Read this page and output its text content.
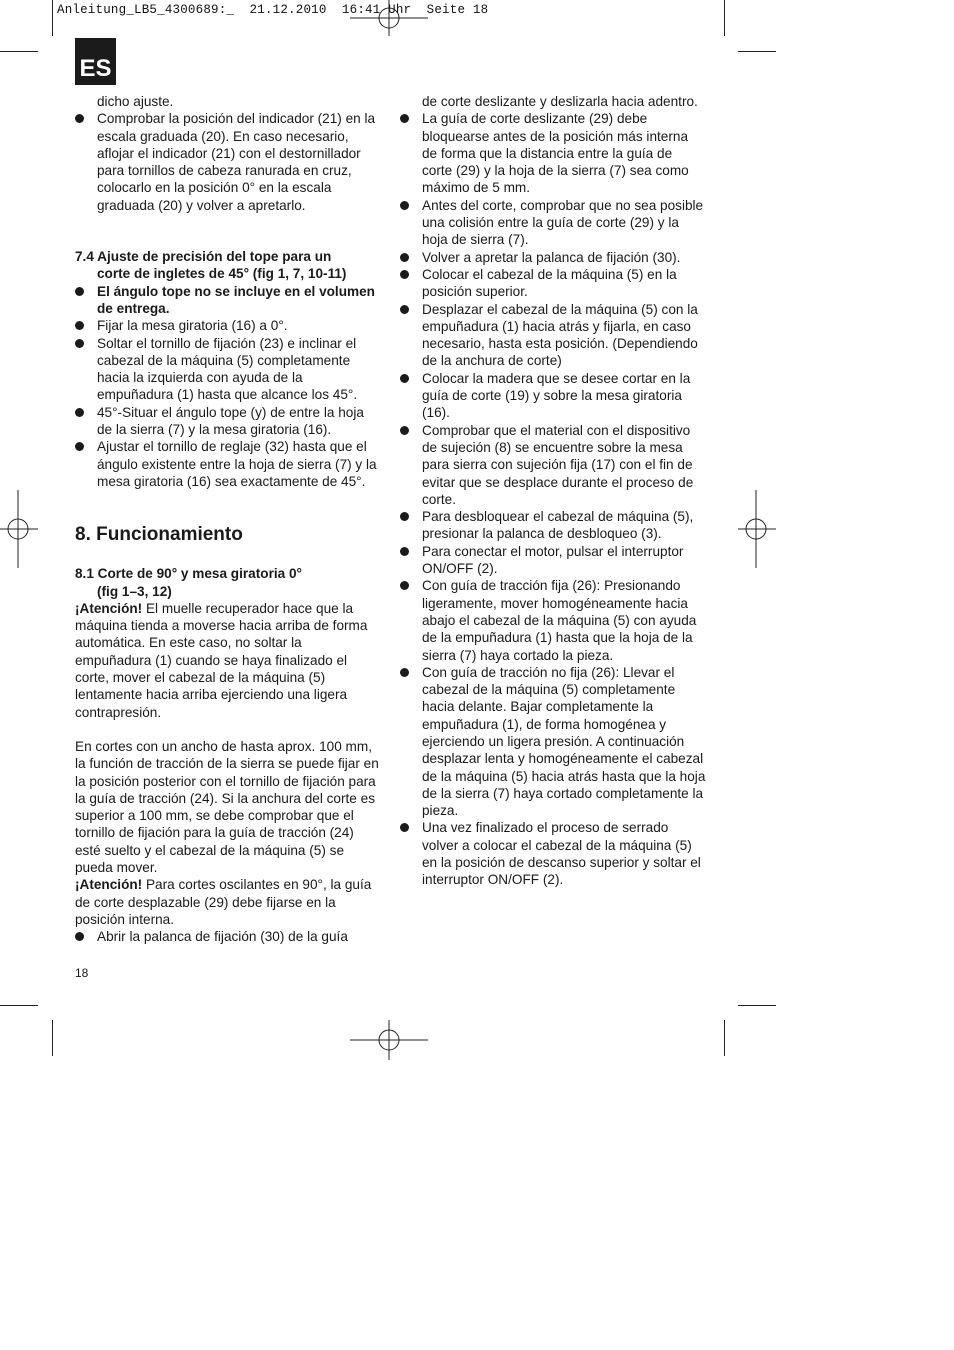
Anleitung_LB5_4300689:_  21.12.2010  16:41 Uhr  Seite 18
ES

dicho ajuste.

Comprobar la posición del indicador (21) en la escala graduada (20). En caso necesario, aflojar el indicador (21) con el destornillador para tornillos de cabeza ranurada en cruz, colocarlo en la posición 0° en la escala graduada (20) y volver a apretarlo.

7.4 Ajuste de precisión del tope para un

corte de ingletes de 45° (fig 1, 7, 10-11)

El ángulo tope no se incluye en el volumen de entrega.
Fijar la mesa giratoria (16) a 0°.
Soltar el tornillo de fijación (23) e inclinar el cabezal de la máquina (5) completamente hacia la izquierda con ayuda de la empuñadura (1) hasta que alcance los 45°.
45°-Situar el ángulo tope (y) de entre la hoja de la sierra (7) y la mesa giratoria (16).
Ajustar el tornillo de reglaje (32) hasta que el ángulo existente entre la hoja de sierra (7) y la mesa giratoria (16) sea exactamente de 45°.

8. Funcionamiento

8.1 Corte de 90° y mesa giratoria 0°

(fig 1–3, 12)

¡Atención! El muelle recuperador hace que la máquina tienda a moverse hacia arriba de forma automática. En este caso, no soltar la empuñadura (1) cuando se haya finalizado el corte, mover el cabezal de la máquina (5) lentamente hacia arriba ejerciendo una ligera contrapresión.

En cortes con un ancho de hasta aprox. 100 mm, la función de tracción de la sierra se puede fijar en la posición posterior con el tornillo de fijación para la guía de tracción (24). Si la anchura del corte es superior a 100 mm, se debe comprobar que el tornillo de fijación para la guía de tracción (24) esté suelto y el cabezal de la máquina (5) se pueda mover.

¡Atención! Para cortes oscilantes en 90°, la guía de corte desplazable (29) debe fijarse en la posición interna.

Abrir la palanca de fijación (30) de la guía

de corte deslizante y deslizarla hacia adentro.

La guía de corte deslizante (29) debe bloquearse antes de la posición más interna de forma que la distancia entre la guía de corte (29) y la hoja de la sierra (7) sea como máximo de 5 mm.
Antes del corte, comprobar que no sea posible una colisión entre la guía de corte (29) y la hoja de sierra (7).
Volver a apretar la palanca de fijación (30).
Colocar el cabezal de la máquina (5) en la posición superior.
Desplazar el cabezal de la máquina (5) con la empuñadura (1) hacia atrás y fijarla, en caso necesario, hasta esta posición. (Dependiendo de la anchura de corte)
Colocar la madera que se desee cortar en la guía de corte (19) y sobre la mesa giratoria (16).
Comprobar que el material con el dispositivo de sujeción (8) se encuentre sobre la mesa para sierra con sujeción fija (17) con el fin de evitar que se desplace durante el proceso de corte.
Para desbloquear el cabezal de máquina (5), presionar la palanca de desbloqueo (3).
Para conectar el motor, pulsar el interruptor ON/OFF (2).
Con guía de tracción fija (26): Presionando ligeramente, mover homogéneamente hacia abajo el cabezal de la máquina (5) con ayuda de la empuñadura (1) hasta que la hoja de la sierra (7) haya cortado la pieza.
Con guía de tracción no fija (26): Llevar el cabezal de la máquina (5) completamente hacia delante. Bajar completamente la empuñadura (1), de forma homogénea y ejerciendo un ligera presión. A continuación desplazar lenta y homogéneamente el cabezal de la máquina (5) hacia atrás hasta que la hoja de la sierra (7) haya cortado completamente la pieza.
Una vez finalizado el proceso de serrado volver a colocar el cabezal de la máquina (5) en la posición de descanso superior y soltar el interruptor ON/OFF (2).
18
